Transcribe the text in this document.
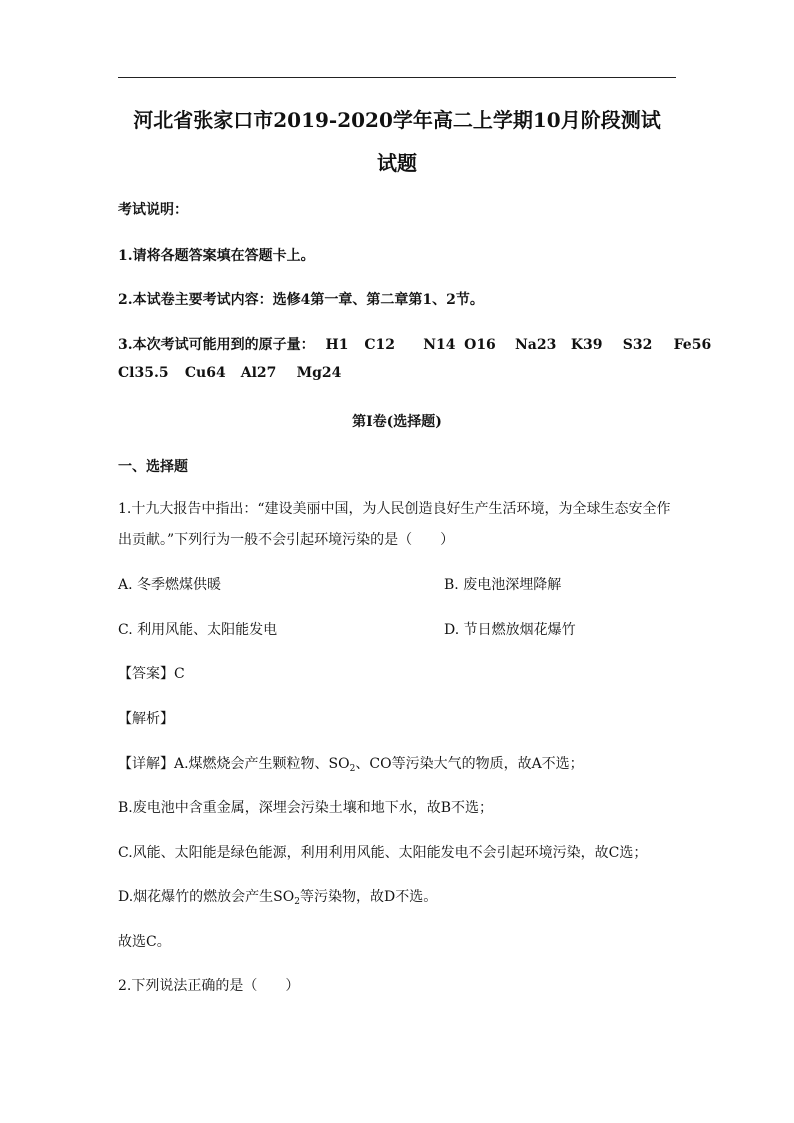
河北省张家口市2019-2020学年高二上学期10月阶段测试
试题
考试说明：
1.请将各题答案填在答题卡上。
2.本试卷主要考试内容：选修4第一章、第二章第1、2节。
3.本次考试可能用到的原子量： H1 C12 N14 O16 Na23 K39 S32 Fe56
Cl35.5 Cu64 Al27 Mg24
第I卷(选择题)
一、选择题
1.十九大报告中指出：“建设美丽中国，为人民创造良好生产生活环境，为全球生态安全作
出贡献。”下列行为一般不会引起环境污染的是（　　）
A. 冬季燃煤供暖	B. 废电池深埋降解
C. 利用风能、太阳能发电	D. 节日燃放烟花爆竹
【答案】C
【解析】
【详解】A.煤燃烧会产生颗粒物、$SO_2$、CO等污染大气的物质，故A不选；
B.废电池中含重金属，深埋会污染土壤和地下水，故B不选；
C.风能、太阳能是绿色能源，利用利用风能、太阳能发电不会引起环境污染，故C选；
D.烟花爆竹的燃放会产生$SO_2$等污染物，故D不选。
故选C。
2.下列说法正确的是（　　）
